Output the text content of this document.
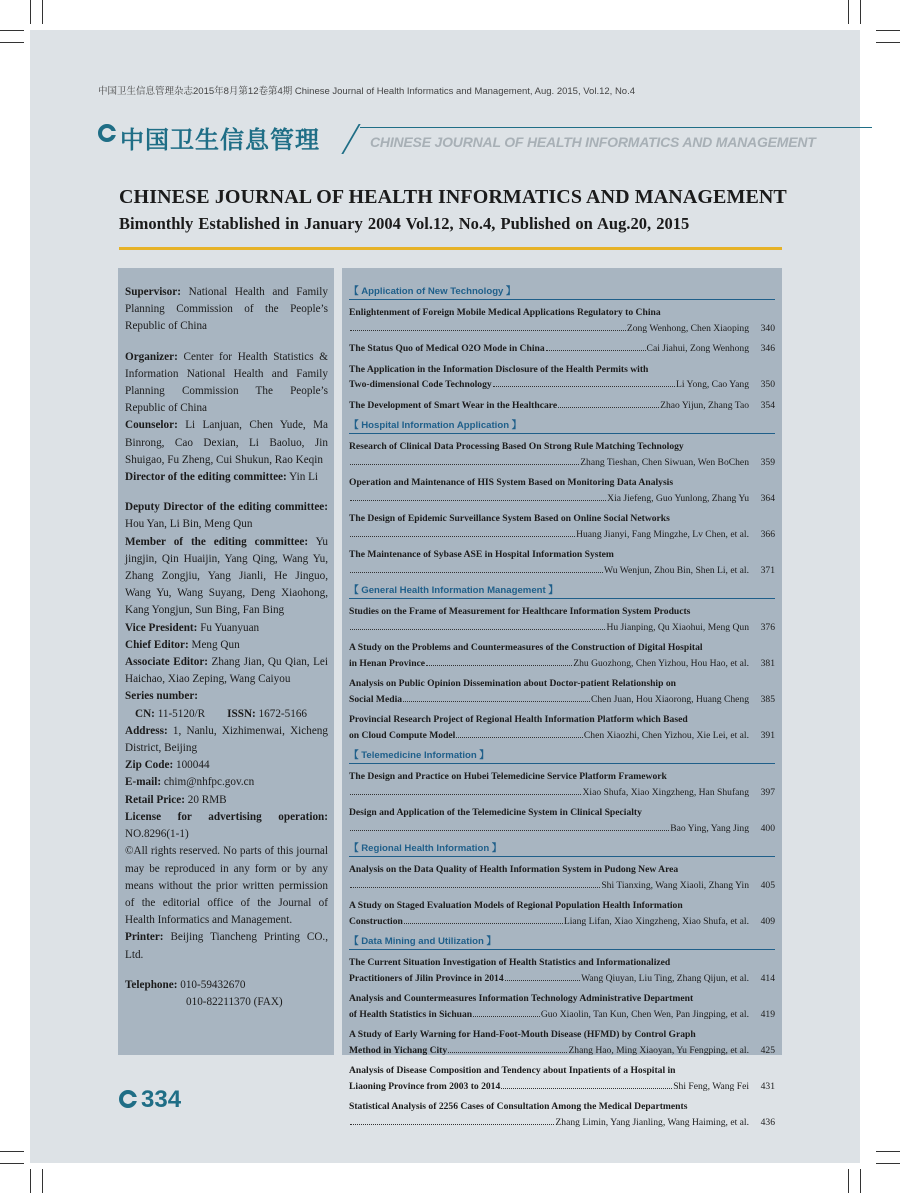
中国卫生信息管理杂志2015年8月第12卷第4期 Chinese Journal of Health Informatics and Management, Aug. 2015, Vol.12, No.4
中国卫生信息管理	CHINESE JOURNAL OF HEALTH INFORMATICS AND MANAGEMENT
CHINESE JOURNAL OF HEALTH INFORMATICS AND MANAGEMENT
Bimonthly Established in January 2004 Vol.12, No.4, Published on Aug.20, 2015

Supervisor: National Health and Family Planning Commission of the People’s Republic of China

Organizer: Center for Health Statistics & Information National Health and Family Planning Commission The People’s Republic of China

Counselor: Li Lanjuan, Chen Yude, Ma Binrong, Cao Dexian, Li Baoluo, Jin Shuigao, Fu Zheng, Cui Shukun, Rao Keqin

Director of the editing committee: Yin Li

Deputy Director of the editing committee: Hou Yan, Li Bin, Meng Qun

Member of the editing committee: Yu jingjin, Qin Huaijin, Yang Qing, Wang Yu, Zhang Zongjiu, Yang Jianli, He Jinguo, Wang Yu, Wang Suyang, Deng Xiaohong, Kang Yongjun, Sun Bing, Fan Bing

Vice President: Fu Yuanyuan

Chief Editor: Meng Qun

Associate Editor: Zhang Jian, Qu Qian, Lei Haichao, Xiao Zeping, Wang Caiyou

Series number:

CN: 11-5120/R ISSN: 1672-5166

Address: 1, Nanlu, Xizhimenwai, Xicheng District, Beijing

Zip Code: 100044

E-mail: chim@nhfpc.gov.cn

Retail Price: 20 RMB

License for advertising operation: NO.8296(1-1)

©All rights reserved. No parts of this journal may be reproduced in any form or by any means without the prior written permission of the editorial office of the Journal of Health Informatics and Management.

Printer: Beijing Tiancheng Printing CO., Ltd.

Telephone: 010-59432670

010-82211370 (FAX)

【 Application of New Technology 】
Enlightenment of Foreign Mobile Medical Applications Regulatory to China
Zong Wenhong, Chen Xiaoping	340
The Status Quo of Medical O2O Mode in China	Cai Jiahui, Zong Wenhong	346
The Application in the Information Disclosure of the Health Permits with
Two-dimensional Code Technology	Li Yong, Cao Yang	350
The Development of Smart Wear in the Healthcare	Zhao Yijun, Zhang Tao	354
【 Hospital Information Application 】
Research of Clinical Data Processing Based On Strong Rule Matching Technology
Zhang Tieshan, Chen Siwuan, Wen BoChen	359
Operation and Maintenance of HIS System Based on Monitoring Data Analysis
Xia Jiefeng, Guo Yunlong, Zhang Yu	364
The Design of Epidemic Surveillance System Based on Online Social Networks
Huang Jianyi, Fang Mingzhe, Lv Chen, et al.	366
The Maintenance of Sybase ASE in Hospital Information System
Wu Wenjun, Zhou Bin, Shen Li, et al.	371
【 General Health Information Management 】
Studies on the Frame of Measurement for Healthcare Information System Products
Hu Jianping, Qu Xiaohui, Meng Qun	376
A Study on the Problems and Countermeasures of the Construction of Digital Hospital
in Henan Province	Zhu Guozhong, Chen Yizhou, Hou Hao, et al.	381
Analysis on Public Opinion Dissemination about Doctor-patient Relationship on
Social Media	Chen Juan, Hou Xiaorong, Huang Cheng	385
Provincial Research Project of Regional Health Information Platform which Based
on Cloud Compute Model	Chen Xiaozhi, Chen Yizhou, Xie Lei, et al.	391
【 Telemedicine Information 】
The Design and Practice on Hubei Telemedicine Service Platform Framework
Xiao Shufa, Xiao Xingzheng, Han Shufang	397
Design and Application of the Telemedicine System in Clinical Specialty
Bao Ying, Yang Jing	400
【 Regional Health Information 】
Analysis on the Data Quality of Health Information System in Pudong New Area
Shi Tianxing, Wang Xiaoli, Zhang Yin	405
A Study on Staged Evaluation Models of Regional Population Health Information
Construction	Liang Lifan, Xiao Xingzheng, Xiao Shufa, et al.	409
【 Data Mining and Utilization 】
The Current Situation Investigation of Health Statistics and Informationalized
Practitioners of Jilin Province in 2014	Wang Qiuyan, Liu Ting, Zhang Qijun, et al.	414
Analysis and Countermeasures Information Technology Administrative Department
of Health Statistics in Sichuan	Guo Xiaolin, Tan Kun, Chen Wen, Pan Jingping, et al.	419
A Study of Early Warning for Hand-Foot-Mouth Disease (HFMD) by Control Graph
Method in Yichang City	Zhang Hao, Ming Xiaoyan, Yu Fengping, et al.	425
Analysis of Disease Composition and Tendency about Inpatients of a Hospital in
Liaoning Province from 2003 to 2014	Shi Feng, Wang Fei	431
Statistical Analysis of 2256 Cases of Consultation Among the Medical Departments
Zhang Limin, Yang Jianling, Wang Haiming, et al.	436
334
